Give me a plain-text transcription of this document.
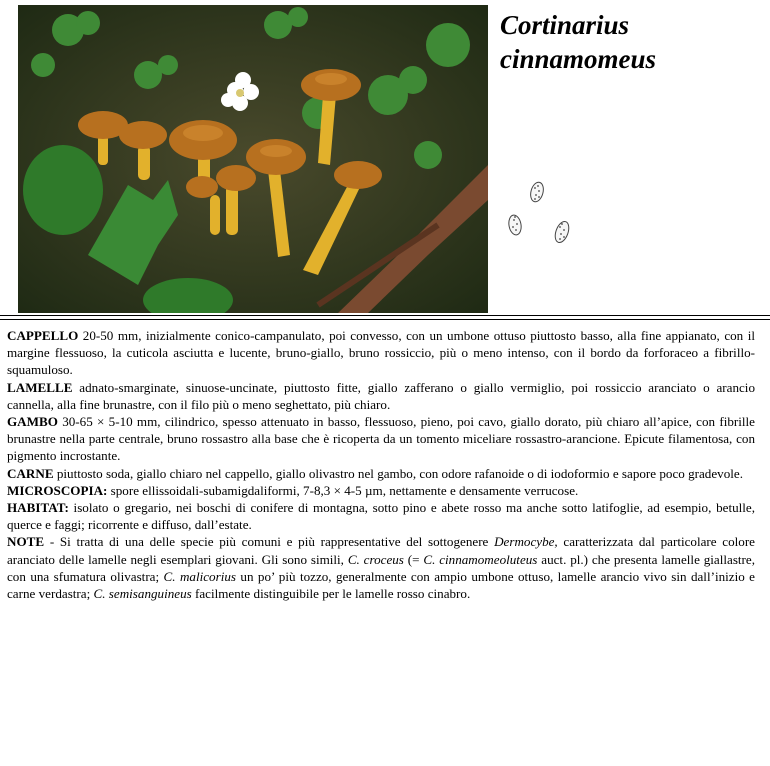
Cortinarius
cinnamomeus

CAPPELLO 20-50 mm, inizialmente conico-campanulato, poi convesso, con un umbone ottuso piuttosto basso, alla fine appianato, con il margine flessuoso, la cuticola asciutta e lucente, bruno-giallo, bruno rossiccio, più o meno intenso, con il bordo da forforaceo a fibrillo-squamuloso.

LAMELLE adnato-smarginate, sinuose-uncinate, piuttosto fitte, giallo zafferano o giallo vermiglio, poi rossiccio aranciato o arancio cannella, alla fine brunastre, con il filo più o meno seghettato, più chiaro.

GAMBO 30-65 × 5-10 mm, cilindrico, spesso attenuato in basso, flessuoso, pieno, poi cavo, giallo dorato, più chiaro all’apice, con fibrille brunastre nella parte centrale, bruno rossastro alla base che è ricoperta da un tomento miceliare rossastro-arancione. Epicute filamentosa, con pigmento incrostante.

CARNE piuttosto soda, giallo chiaro nel cappello, giallo olivastro nel gambo, con odore rafanoide o di iodoformio e sapore poco gradevole.

MICROSCOPIA: spore ellissoidali-subamigdaliformi, 7-8,3 × 4-5 µm, nettamente e densamente verrucose.

HABITAT: isolato o gregario, nei boschi di conifere di montagna, sotto pino e abete rosso ma anche sotto latifoglie, ad esempio, betulle, querce e faggi; ricorrente e diffuso, dall’estate.

NOTE - Si tratta di una delle specie più comuni e più rappresentative del sottogenere Dermocybe, caratterizzata dal particolare colore aranciato delle lamelle negli esemplari giovani. Gli sono simili, C. croceus (= C. cinnamomeoluteus auct. pl.) che presenta lamelle giallastre, con una sfumatura olivastra; C. malicorius un po’ più tozzo, generalmente con ampio umbone ottuso, lamelle arancio vivo sin dall’inizio e carne verdastra; C. semisanguineus facilmente distinguibile per le lamelle rosso cinabro.
